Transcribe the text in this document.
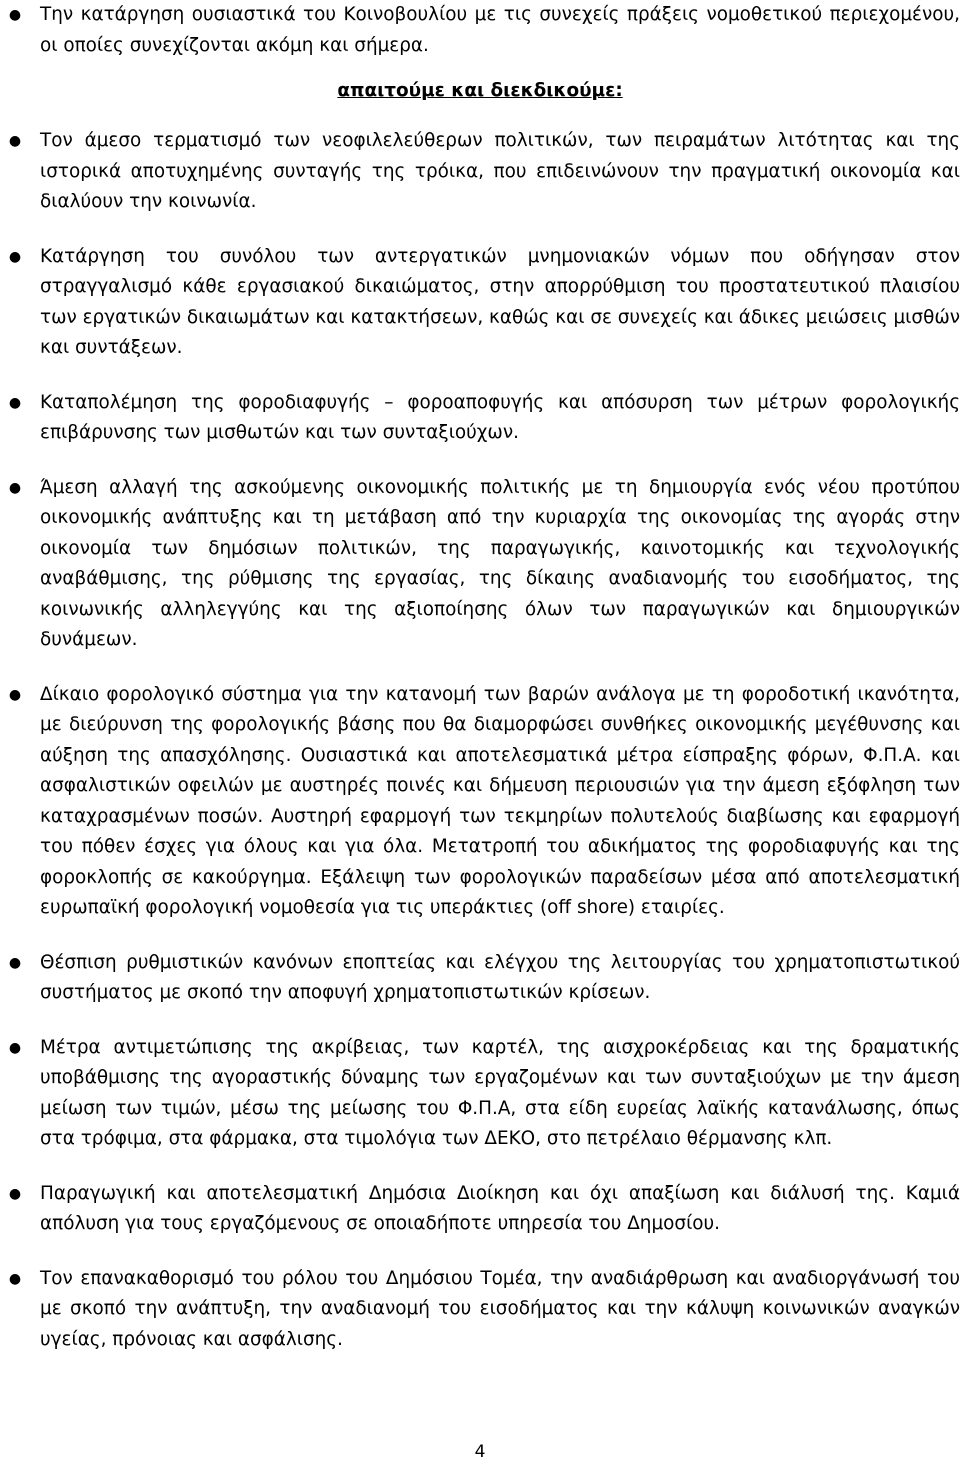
● Την κατάργηση ουσιαστικά του Κοινοβουλίου με τις συνεχείς πράξεις νομοθετικού περιεχομένου, οι οποίες συνεχίζονται ακόμη και σήμερα.
απαιτούμε και διεκδικούμε:
● Τον άμεσο τερματισμό των νεοφιλελεύθερων πολιτικών, των πειραμάτων λιτότητας και της ιστορικά αποτυχημένης συνταγής της τρόικα, που επιδεινώνουν την πραγματική οικονομία και διαλύουν την κοινωνία.
● Κατάργηση του συνόλου των αντεργατικών μνημονιακών νόμων που οδήγησαν στον στραγγαλισμό κάθε εργασιακού δικαιώματος, στην απορρύθμιση του προστατευτικού πλαισίου των εργατικών δικαιωμάτων και κατακτήσεων, καθώς και σε συνεχείς και άδικες μειώσεις μισθών και συντάξεων.
● Καταπολέμηση της φοροδιαφυγής – φοροαποφυγής και απόσυρση των μέτρων φορολογικής επιβάρυνσης των μισθωτών και των συνταξιούχων.
● Άμεση αλλαγή της ασκούμενης οικονομικής πολιτικής με τη δημιουργία ενός νέου προτύπου οικονομικής ανάπτυξης και τη μετάβαση από την κυριαρχία της οικονομίας της αγοράς στην οικονομία των δημόσιων πολιτικών, της παραγωγικής, καινοτομικής και τεχνολογικής αναβάθμισης, της ρύθμισης της εργασίας, της δίκαιης αναδιανομής του εισοδήματος, της κοινωνικής αλληλεγγύης και της αξιοποίησης όλων των παραγωγικών και δημιουργικών δυνάμεων.
● Δίκαιο φορολογικό σύστημα για την κατανομή των βαρών ανάλογα με τη φοροδοτική ικανότητα, με διεύρυνση της φορολογικής βάσης που θα διαμορφώσει συνθήκες οικονομικής μεγέθυνσης και αύξηση της απασχόλησης. Ουσιαστικά και αποτελεσματικά μέτρα είσπραξης φόρων, Φ.Π.Α. και ασφαλιστικών οφειλών με αυστηρές ποινές και δήμευση περιουσιών για την άμεση εξόφληση των καταχρασμένων ποσών. Αυστηρή εφαρμογή των τεκμηρίων πολυτελούς διαβίωσης και εφαρμογή του πόθεν έσχες για όλους και για όλα. Μετατροπή του αδικήματος της φοροδιαφυγής και της φοροκλοπής σε κακούργημα. Εξάλειψη των φορολογικών παραδείσων μέσα από αποτελεσματική ευρωπαϊκή φορολογική νομοθεσία για τις υπεράκτιες (off shore) εταιρίες.
● Θέσπιση ρυθμιστικών κανόνων εποπτείας και ελέγχου της λειτουργίας του χρηματοπιστωτικού συστήματος με σκοπό την αποφυγή χρηματοπιστωτικών κρίσεων.
● Μέτρα αντιμετώπισης της ακρίβειας, των καρτέλ, της αισχροκέρδειας και της δραματικής υποβάθμισης της αγοραστικής δύναμης των εργαζομένων και των συνταξιούχων με την άμεση μείωση των τιμών, μέσω της μείωσης του Φ.Π.Α, στα είδη ευρείας λαϊκής κατανάλωσης, όπως στα τρόφιμα, στα φάρμακα, στα τιμολόγια των ΔΕΚΟ, στο πετρέλαιο θέρμανσης κλπ.
● Παραγωγική και αποτελεσματική Δημόσια Διοίκηση και όχι απαξίωση και διάλυσή της. Καμιά απόλυση για τους εργαζόμενους σε οποιαδήποτε υπηρεσία του Δημοσίου.
● Τον επανακαθορισμό του ρόλου του Δημόσιου Τομέα, την αναδιάρθρωση και αναδιοργάνωσή του με σκοπό την ανάπτυξη, την αναδιανομή του εισοδήματος και την κάλυψη κοινωνικών αναγκών υγείας, πρόνοιας και ασφάλισης.
4
